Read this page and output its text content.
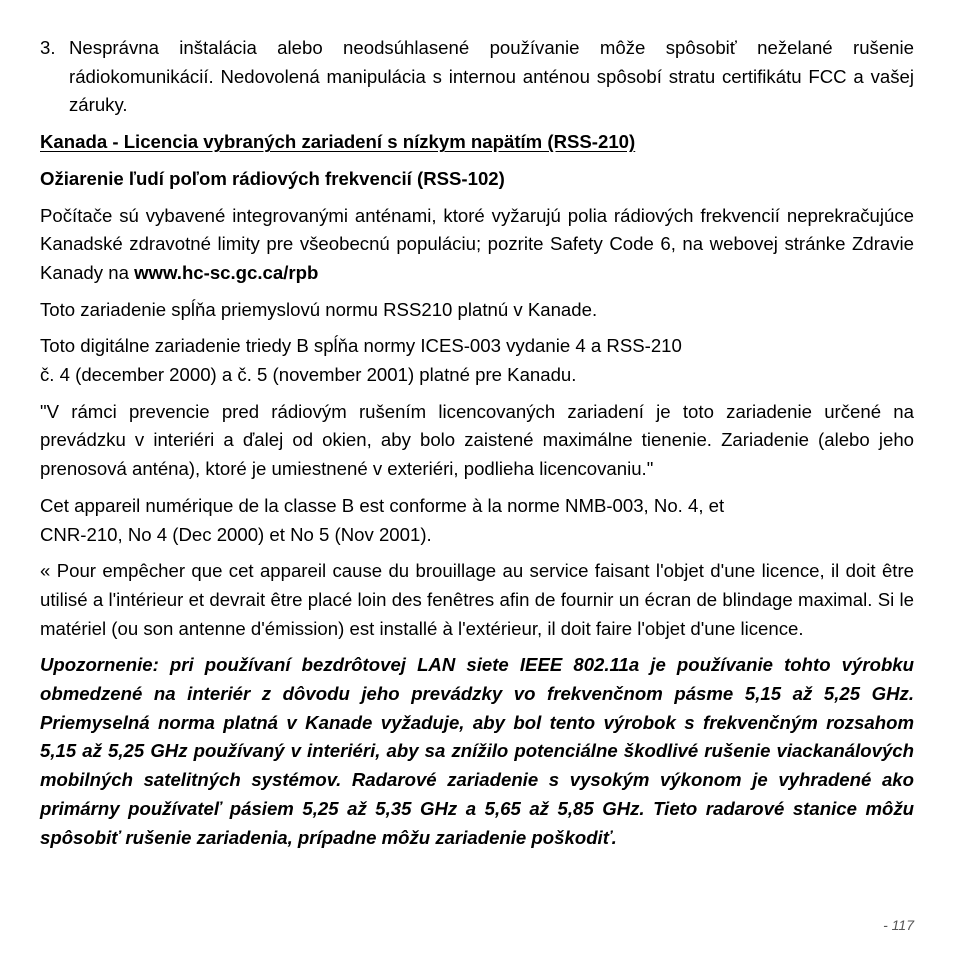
3. Nesprávna inštalácia alebo neodsúhlasené používanie môže spôsobiť neželané rušenie rádiokomunikácií. Nedovolená manipulácia s internou anténou spôsobí stratu certifikátu FCC a vašej záruky.
Kanada - Licencia vybraných zariadení s nízkym napätím (RSS-210)
Ožiarenie ľudí poľom rádiových frekvencií (RSS-102)

Počítače sú vybavené integrovanými anténami, ktoré vyžarujú polia rádiových frekvencií neprekračujúce Kanadské zdravotné limity pre všeobecnú populáciu; pozrite Safety Code 6, na webovej stránke Zdravie Kanady na www.hc-sc.gc.ca/rpb

Toto zariadenie spĺňa priemyslovú normu RSS210 platnú v Kanade.

Toto digitálne zariadenie triedy B spĺňa normy ICES-003 vydanie 4 a RSS-210
č. 4 (december 2000) a č. 5 (november 2001) platné pre Kanadu.

"V rámci prevencie pred rádiovým rušením licencovaných zariadení je toto zariadenie určené na prevádzku v interiéri a ďalej od okien, aby bolo zaistené maximálne tienenie. Zariadenie (alebo jeho prenosová anténa), ktoré je umiestnené v exteriéri, podlieha licencovaniu."

Cet appareil numérique de la classe B est conforme à la norme NMB-003, No. 4, et
CNR-210, No 4 (Dec 2000) et No 5 (Nov 2001).

« Pour empêcher que cet appareil cause du brouillage au service faisant l'objet d'une licence, il doit être utilisé a l'intérieur et devrait être placé loin des fenêtres afin de fournir un écran de blindage maximal. Si le matériel (ou son antenne d'émission) est installé à l'extérieur, il doit faire l'objet d'une licence.

Upozornenie: pri používaní bezdrôtovej LAN siete IEEE 802.11a je používanie tohto výrobku obmedzené na interiér z dôvodu jeho prevádzky vo frekvenčnom pásme 5,15 až 5,25 GHz. Priemyselná norma platná v Kanade vyžaduje, aby bol tento výrobok s frekvenčným rozsahom 5,15 až 5,25 GHz používaný v interiéri, aby sa znížilo potenciálne škodlivé rušenie viackanálových mobilných satelitných systémov. Radarové zariadenie s vysokým výkonom je vyhradené ako primárny používateľ pásiem 5,25 až 5,35 GHz a 5,65 až 5,85 GHz. Tieto radarové stanice môžu spôsobiť rušenie zariadenia, prípadne môžu zariadenie poškodiť.

- 117
